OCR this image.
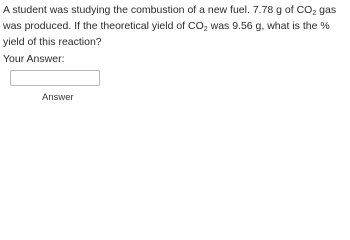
A student was studying the combustion of a new fuel. 7.78 g of $CO_2$ gas was produced. If the theoretical yield of $CO_2$ was 9.56 g, what is the % yield of this reaction?
Your Answer:
Answer
